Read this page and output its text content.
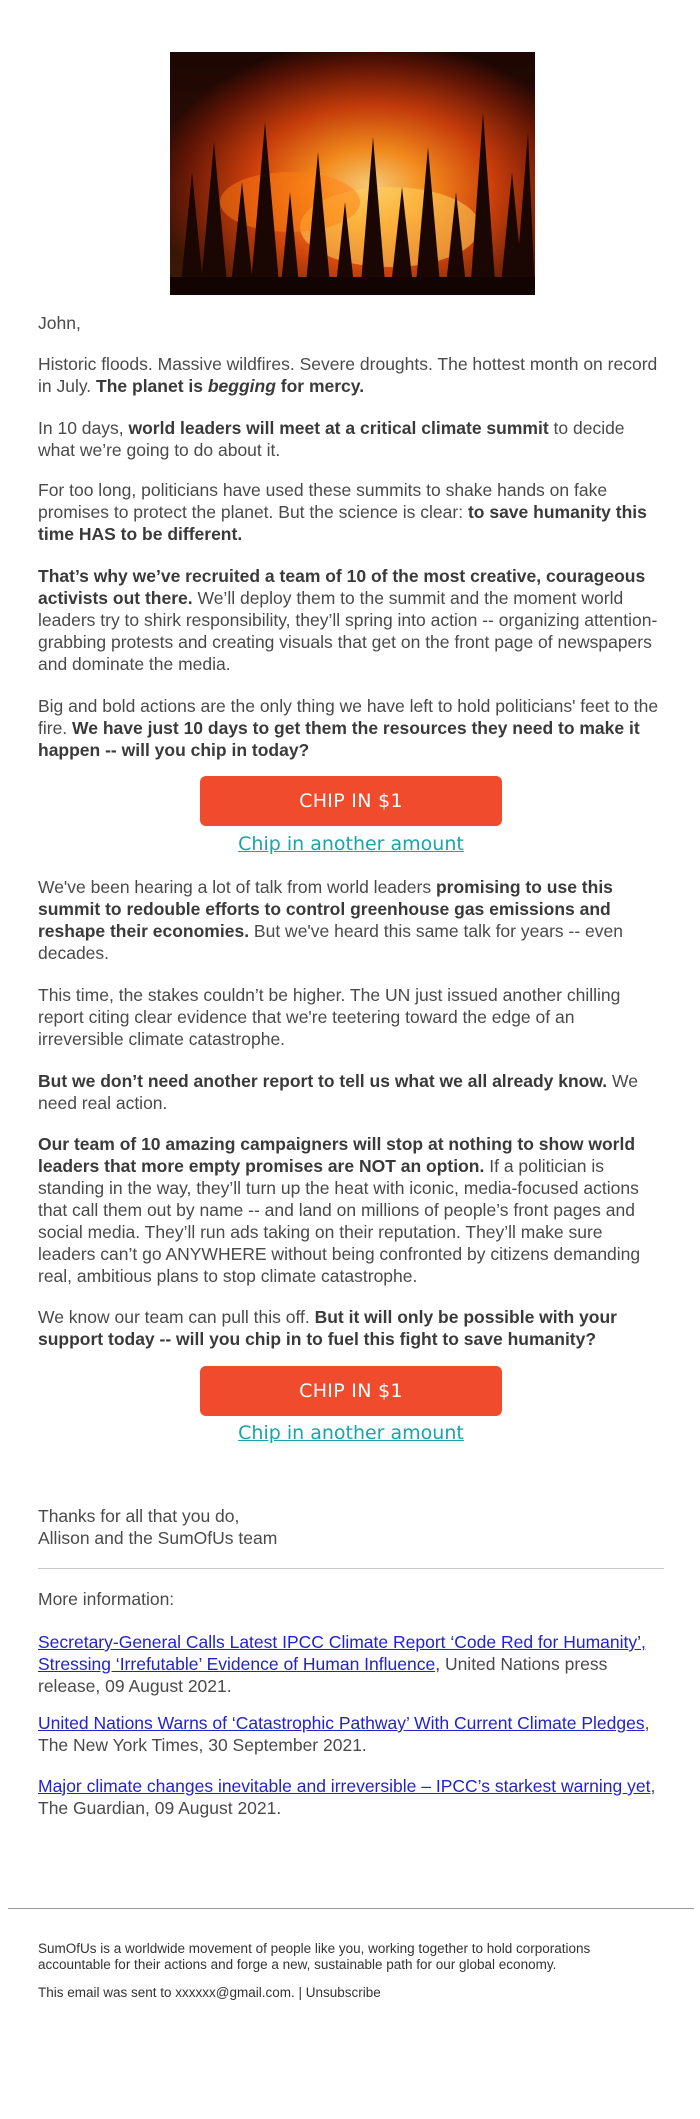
John,
Historic floods. Massive wildfires. Severe droughts. The hottest month on record in July. The planet is begging for mercy.
In 10 days, world leaders will meet at a critical climate summit to decide what we’re going to do about it.
For too long, politicians have used these summits to shake hands on fake promises to protect the planet. But the science is clear: to save humanity this time HAS to be different.
That’s why we’ve recruited a team of 10 of the most creative, courageous activists out there. We’ll deploy them to the summit and the moment world leaders try to shirk responsibility, they’ll spring into action -- organizing attention-grabbing protests and creating visuals that get on the front page of newspapers and dominate the media.
Big and bold actions are the only thing we have left to hold politicians' feet to the fire. We have just 10 days to get them the resources they need to make it happen -- will you chip in today?
CHIP IN $1
Chip in another amount
We've been hearing a lot of talk from world leaders promising to use this summit to redouble efforts to control greenhouse gas emissions and reshape their economies. But we've heard this same talk for years -- even decades.
This time, the stakes couldn’t be higher. The UN just issued another chilling report citing clear evidence that we're teetering toward the edge of an irreversible climate catastrophe.
But we don’t need another report to tell us what we all already know. We need real action.
Our team of 10 amazing campaigners will stop at nothing to show world leaders that more empty promises are NOT an option. If a politician is standing in the way, they’ll turn up the heat with iconic, media-focused actions that call them out by name -- and land on millions of people’s front pages and social media. They’ll run ads taking on their reputation. They’ll make sure leaders can’t go ANYWHERE without being confronted by citizens demanding real, ambitious plans to stop climate catastrophe.
We know our team can pull this off. But it will only be possible with your support today -- will you chip in to fuel this fight to save humanity?
CHIP IN $1
Chip in another amount
Thanks for all that you do,
Allison and the SumOfUs team
More information:
Secretary-General Calls Latest IPCC Climate Report ‘Code Red for Humanity’, Stressing ‘Irrefutable’ Evidence of Human Influence, United Nations press release, 09 August 2021.
United Nations Warns of ‘Catastrophic Pathway’ With Current Climate Pledges, The New York Times, 30 September 2021.
Major climate changes inevitable and irreversible – IPCC’s starkest warning yet, The Guardian, 09 August 2021.
SumOfUs is a worldwide movement of people like you, working together to hold corporations accountable for their actions and forge a new, sustainable path for our global economy.
This email was sent to xxxxxx@gmail.com. | Unsubscribe
